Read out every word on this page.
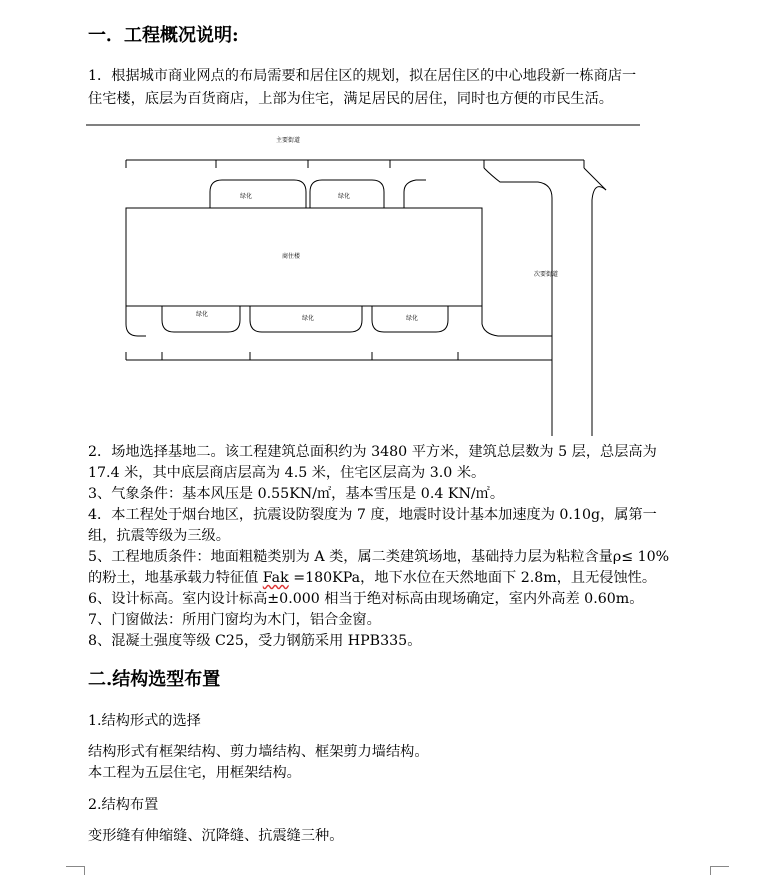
一．工程概况说明:
1．根据城市商业网点的布局需要和居住区的规划，拟在居住区的中心地段新一栋商店一
住宅楼，底层为百货商店，上部为住宅，满足居民的居住，同时也方便的市民生活。
主要街道
次要街道
商住楼
绿化	绿化
绿化
绿化	绿化
2．场地选择基地二。该工程建筑总面积约为 3480 平方米，建筑总层数为 5 层，总层高为
17.4 米，其中底层商店层高为 4.5 米，住宅区层高为 3.0 米。
3、气象条件：基本风压是 0.55KN/㎡，基本雪压是 0.4 KN/㎡。
4．本工程处于烟台地区，抗震设防裂度为 7 度，地震时设计基本加速度为 0.10g，属第一
组，抗震等级为三级。
5、工程地质条件：地面粗糙类别为 A 类，属二类建筑场地，基础持力层为粘粒含量ρ≤ 10%
的粉土，地基承载力特征值 Fak =180KPa，地下水位在天然地面下 2.8m，且无侵蚀性。
6、设计标高。室内设计标高±0.000 相当于绝对标高由现场确定，室内外高差 0.60m。
7、门窗做法：所用门窗均为木门，铝合金窗。
8、混凝土强度等级 C25，受力钢筋采用 HPB335。
二.结构选型布置
1.结构形式的选择
结构形式有框架结构、剪力墙结构、框架剪力墙结构。
本工程为五层住宅，用框架结构。
2.结构布置
变形缝有伸缩缝、沉降缝、抗震缝三种。
